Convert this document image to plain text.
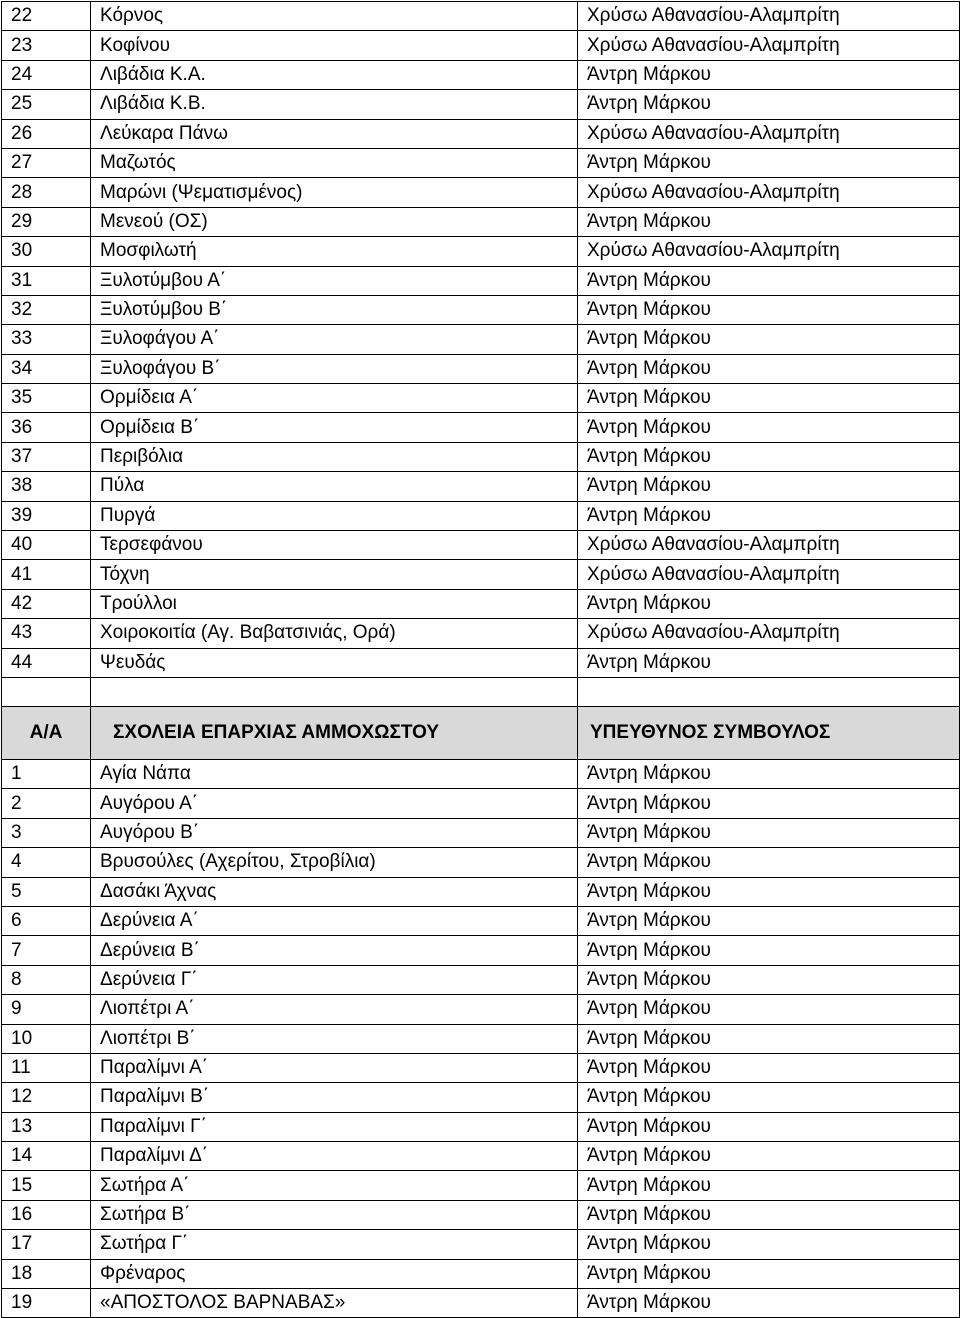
22	Κόρνος	Χρύσω Αθανασίου-Αλαμπρίτη
23	Κοφίνου	Χρύσω Αθανασίου-Αλαμπρίτη
24	Λιβάδια Κ.Α.	Άντρη Μάρκου
25	Λιβάδια Κ.Β.	Άντρη Μάρκου
26	Λεύκαρα Πάνω	Χρύσω Αθανασίου-Αλαμπρίτη
27	Μαζωτός	Άντρη Μάρκου
28	Μαρώνι (Ψεματισμένος)	Χρύσω Αθανασίου-Αλαμπρίτη
29	Μενεού (ΟΣ)	Άντρη Μάρκου
30	Μοσφιλωτή	Χρύσω Αθανασίου-Αλαμπρίτη
31	Ξυλοτύμβου Α΄	Άντρη Μάρκου
32	Ξυλοτύμβου Β΄	Άντρη Μάρκου
33	Ξυλοφάγου Α΄	Άντρη Μάρκου
34	Ξυλοφάγου Β΄	Άντρη Μάρκου
35	Ορμίδεια Α΄	Άντρη Μάρκου
36	Ορμίδεια Β΄	Άντρη Μάρκου
37	Περιβόλια	Άντρη Μάρκου
38	Πύλα	Άντρη Μάρκου
39	Πυργά	Άντρη Μάρκου
40	Τερσεφάνου	Χρύσω Αθανασίου-Αλαμπρίτη
41	Τόχνη	Χρύσω Αθανασίου-Αλαμπρίτη
42	Τρούλλοι	Άντρη Μάρκου
43	Χοιροκοιτία (Αγ. Βαβατσινιάς, Ορά)	Χρύσω Αθανασίου-Αλαμπρίτη
44	Ψευδάς	Άντρη Μάρκου

Α/Α	ΣΧΟΛΕΙΑ ΕΠΑΡΧΙΑΣ ΑΜΜΟΧΩΣΤΟΥ	ΥΠΕΥΘΥΝΟΣ ΣΥΜΒΟΥΛΟΣ
1	Αγία Νάπα	Άντρη Μάρκου
2	Αυγόρου Α΄	Άντρη Μάρκου
3	Αυγόρου Β΄	Άντρη Μάρκου
4	Βρυσούλες (Αχερίτου, Στροβίλια)	Άντρη Μάρκου
5	Δασάκι Άχνας	Άντρη Μάρκου
6	Δερύνεια Α΄	Άντρη Μάρκου
7	Δερύνεια Β΄	Άντρη Μάρκου
8	Δερύνεια Γ΄	Άντρη Μάρκου
9	Λιοπέτρι Α΄	Άντρη Μάρκου
10	Λιοπέτρι Β΄	Άντρη Μάρκου
11	Παραλίμνι Α΄	Άντρη Μάρκου
12	Παραλίμνι Β΄	Άντρη Μάρκου
13	Παραλίμνι Γ΄	Άντρη Μάρκου
14	Παραλίμνι Δ΄	Άντρη Μάρκου
15	Σωτήρα Α΄	Άντρη Μάρκου
16	Σωτήρα Β΄	Άντρη Μάρκου
17	Σωτήρα Γ΄	Άντρη Μάρκου
18	Φρέναρος	Άντρη Μάρκου
19	«ΑΠΟΣΤΟΛΟΣ ΒΑΡΝΑΒΑΣ»	Άντρη Μάρκου
